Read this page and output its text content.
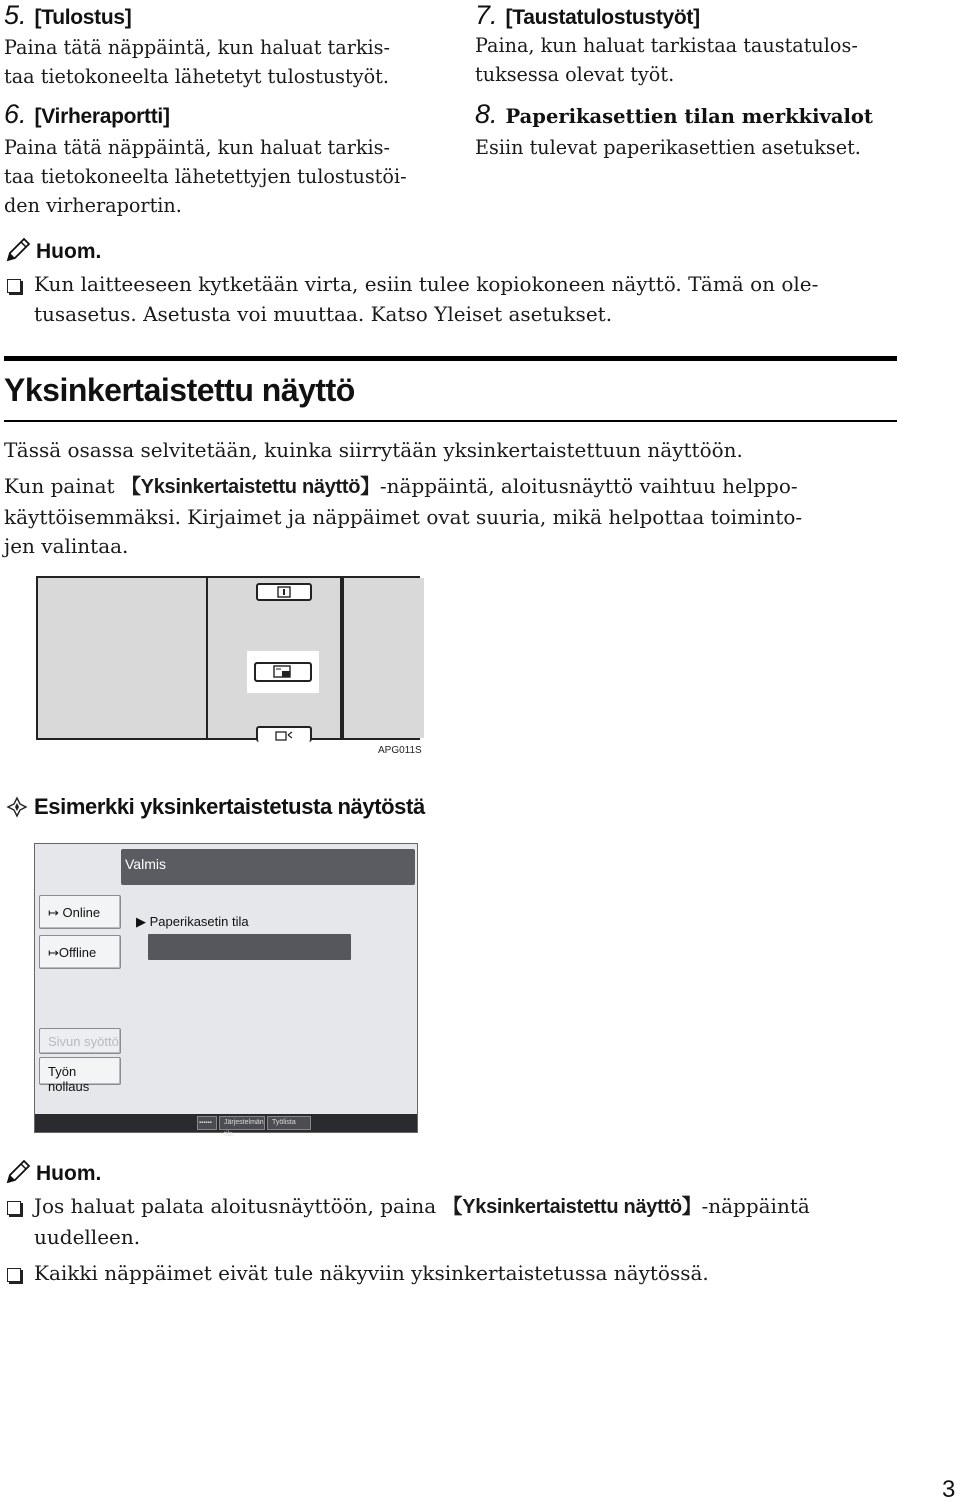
5. [Tulostus]
Paina tätä näppäintä, kun haluat tarkis-
taa tietokoneelta lähetetyt tulostustyöt.
6. [Virheraportti]
Paina tätä näppäintä, kun haluat tarkis-
taa tietokoneelta lähetettyjen tulostustöi-
den virheraportin.
7. [Taustatulostustyöt]
Paina, kun haluat tarkistaa taustatulos-
tuksessa olevat työt.
8. Paperikasettien tilan merkkivalot
Esiin tulevat paperikasettien asetukset.
Huom.
Kun laitteeseen kytketään virta, esiin tulee kopiokoneen näyttö. Tämä on ole-
tusasetus. Asetusta voi muuttaa. Katso Yleiset asetukset.
Yksinkertaistettu näyttö
Tässä osassa selvitetään, kuinka siirrytään yksinkertaistettuun näyttöön.
Kun painat 【Yksinkertaistettu näyttö】-näppäintä, aloitusnäyttö vaihtuu helppo-
käyttöisemmäksi. Kirjaimet ja näppäimet ovat suuria, mikä helpottaa toiminto-
jen valintaa.
APG011S
Esimerkki yksinkertaistetusta näytöstä
Valmis
↦ Online
↦Offline
▶ Paperikasetin tila
Sivun syöttö
Työn nollaus
▪▪▪▪▪▪	Järjestelmän tila
Työlista
Huom.
Jos haluat palata aloitusnäyttöön, paina 【Yksinkertaistettu näyttö】-näppäintä
uudelleen.
Kaikki näppäimet eivät tule näkyviin yksinkertaistetussa näytössä.
3
